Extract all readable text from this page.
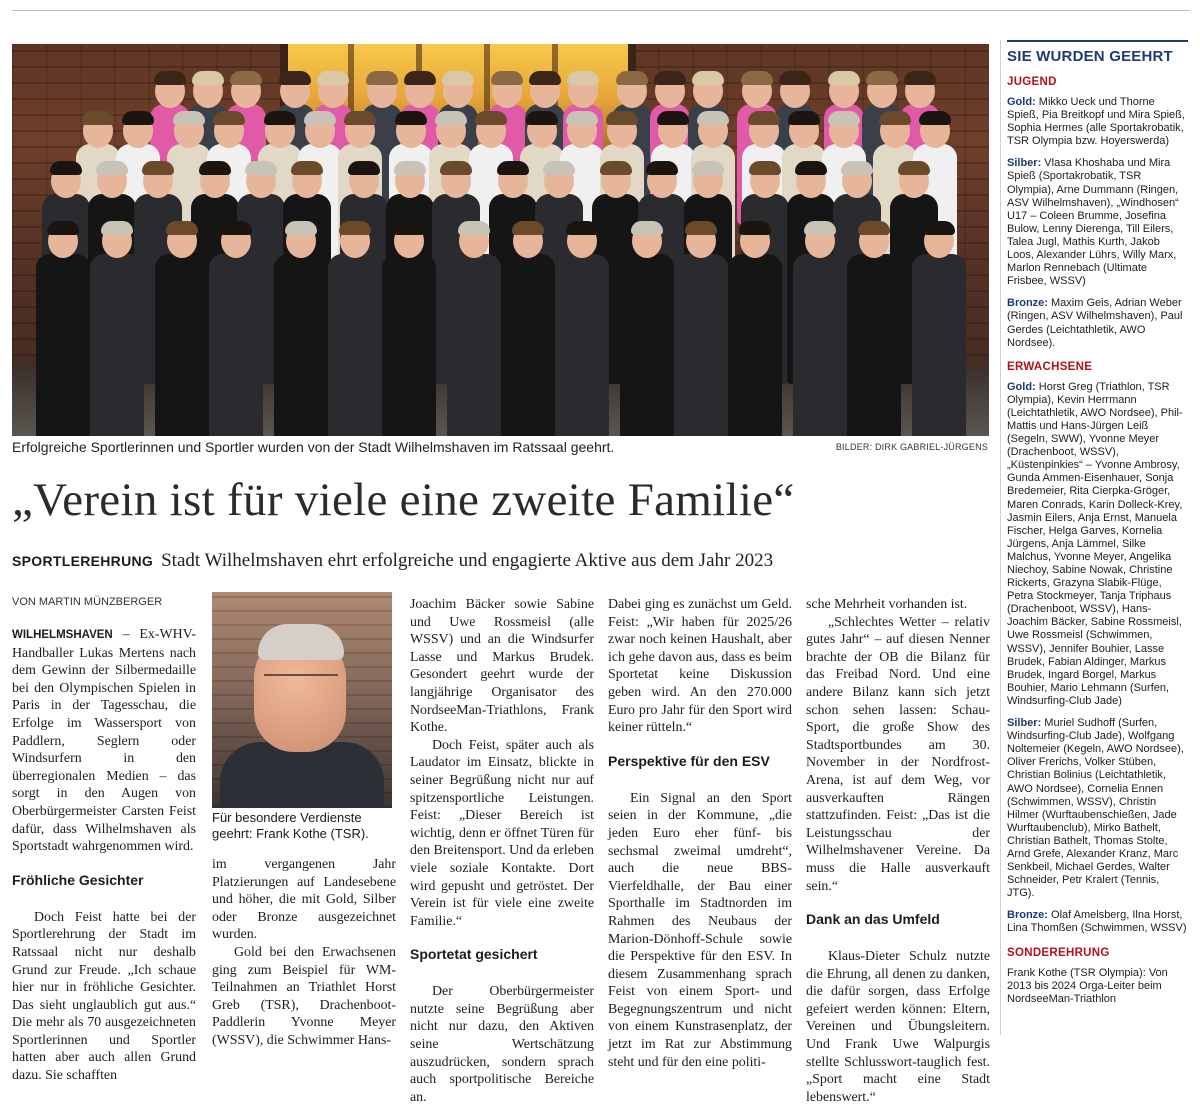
Erfolgreiche Sportlerinnen und Sportler wurden von der Stadt Wilhelmshaven im Ratssaal geehrt.	BILDER: DIRK GABRIEL-JÜRGENS
„Verein ist für viele eine zweite Familie“
SPORTLEREHRUNG Stadt Wilhelmshaven ehrt erfolgreiche und engagierte Aktive aus dem Jahr 2023
VON MARTIN MÜNZBERGER

WILHELMSHAVEN – Ex-WHV-Handballer Lukas Mertens nach dem Gewinn der Silbermedaille bei den Olympischen Spielen in Paris in der Tagesschau, die Erfolge im Wassersport von Paddlern, Seglern oder Windsurfern in den überregionalen Medien – das sorgt in den Augen von Oberbürgermeister Carsten Feist dafür, dass Wilhelmshaven als Sportstadt wahrgenommen wird.

Fröhliche Gesichter

Doch Feist hatte bei der Sportlerehrung der Stadt im Ratssaal nicht nur deshalb Grund zur Freude. „Ich schaue hier nur in fröhliche Gesichter. Das sieht unglaublich gut aus.“ Die mehr als 70 ausgezeichneten Sportlerinnen und Sportler hatten aber auch allen Grund dazu. Sie schafften

Für besondere Verdienste geehrt: Frank Kothe (TSR).

im vergangenen Jahr Platzierungen auf Landesebene und höher, die mit Gold, Silber oder Bronze ausgezeichnet wurden.

Gold bei den Erwachsenen ging zum Beispiel für WM-Teilnahmen an Triathlet Horst Greb (TSR), Drachenboot-Paddlerin Yvonne Meyer (WSSV), die Schwimmer Hans-

Joachim Bäcker sowie Sabine und Uwe Rossmeisl (alle WSSV) und an die Windsurfer Lasse und Markus Brudek. Gesondert geehrt wurde der langjährige Organisator des NordseeMan-Triathlons, Frank Kothe.

Doch Feist, später auch als Laudator im Einsatz, blickte in seiner Begrüßung nicht nur auf spitzensportliche Leistungen. Feist: „Dieser Bereich ist wichtig, denn er öffnet Türen für den Breitensport. Und da erleben viele soziale Kontakte. Dort wird gepusht und getröstet. Der Verein ist für viele eine zweite Familie.“

Sportetat gesichert

Der Oberbürgermeister nutzte seine Begrüßung aber nicht nur dazu, den Aktiven seine Wertschätzung auszudrücken, sondern sprach auch sportpolitische Bereiche an.

Dabei ging es zunächst um Geld. Feist: „Wir haben für 2025/26 zwar noch keinen Haushalt, aber ich gehe davon aus, dass es beim Sportetat keine Diskussion geben wird. An den 270.000 Euro pro Jahr für den Sport wird keiner rütteln.“

Perspektive für den ESV

Ein Signal an den Sport seien in der Kommune, „die jeden Euro eher fünf- bis sechsmal zweimal umdreht“, auch die neue BBS-Vierfeldhalle, der Bau einer Sporthalle im Stadtnorden im Rahmen des Neubaus der Marion-Dönhoff-Schule sowie die Perspektive für den ESV. In diesem Zusammenhang sprach Feist von einem Sport- und Begegnungszentrum und nicht von einem Kunstrasenplatz, der jetzt im Rat zur Abstimmung steht und für den eine politi-

sche Mehrheit vorhanden ist.

„Schlechtes Wetter – relativ gutes Jahr“ – auf diesen Nenner brachte der OB die Bilanz für das Freibad Nord. Und eine andere Bilanz kann sich jetzt schon sehen lassen: Schau-Sport, die große Show des Stadtsportbundes am 30. November in der Nordfrost-Arena, ist auf dem Weg, vor ausverkauften Rängen stattzufinden. Feist: „Das ist die Leistungsschau der Wilhelmshavener Vereine. Da muss die Halle ausverkauft sein.“

Dank an das Umfeld

Klaus-Dieter Schulz nutzte die Ehrung, all denen zu danken, die dafür sorgen, dass Erfolge gefeiert werden können: Eltern, Vereinen und Übungsleitern. Und Frank Uwe Walpurgis stellte Schlusswort-tauglich fest. „Sport macht eine Stadt lebenswert.“

SIE WURDEN GEEHRT
JUGEND

Gold: Mikko Ueck und Thorne Spieß, Pia Breitkopf und Mira Spieß, Sophia Hermes (alle Sportakrobatik, TSR Olympia bzw. Hoyerswerda)

Silber: Vlasa Khoshaba und Mira Spieß (Sportakrobatik, TSR Olympia), Arne Dummann (Ringen, ASV Wilhelmshaven), „Windhosen“ U17 – Coleen Brumme, Josefina Bulow, Lenny Dierenga, Till Eilers, Talea Jugl, Mathis Kurth, Jakob Loos, Alexander Lührs, Willy Marx, Marlon Rennebach (Ultimate Frisbee, WSSV)

Bronze: Maxim Geis, Adrian Weber (Ringen, ASV Wilhelmshaven), Paul Gerdes (Leichtathletik, AWO Nordsee).

ERWACHSENE

Gold: Horst Greg (Triathlon, TSR Olympia), Kevin Herrmann (Leichtathletik, AWO Nordsee), Phil-Mattis und Hans-Jürgen Leiß (Segeln, SWW), Yvonne Meyer (Drachenboot, WSSV), „Küstenpinkies“ – Yvonne Ambrosy, Gunda Ammen-Eisenhauer, Sonja Bredemeier, Rita Cierpka-Gröger, Maren Conrads, Karin Dolleck-Krey, Jasmin Eilers, Anja Ernst, Manuela Fischer, Helga Garves, Kornelia Jürgens, Anja Lämmel, Silke Malchus, Yvonne Meyer, Angelika Niechoy, Sabine Nowak, Christine Rickerts, Grazyna Slabik-Flüge, Petra Stockmeyer, Tanja Triphaus (Drachenboot, WSSV), Hans-Joachim Bäcker, Sabine Rossmeisl, Uwe Rossmeisl (Schwimmen, WSSV), Jennifer Bouhier, Lasse Brudek, Fabian Aldinger, Markus Brudek, Ingard Borgel, Markus Bouhier, Mario Lehmann (Surfen, Windsurfing-Club Jade)

Silber: Muriel Sudhoff (Surfen, Windsurfing-Club Jade), Wolfgang Noltemeier (Kegeln, AWO Nordsee), Oliver Frerichs, Volker Stüben, Christian Bolinius (Leichtathletik, AWO Nordsee), Cornelia Ennen (Schwimmen, WSSV), Christin Hilmer (Wurftaubenschießen, Jade Wurftaubenclub), Mirko Bathelt, Christian Bathelt, Thomas Stolte, Arnd Grefe, Alexander Kranz, Marc Senkbeil, Michael Gerdes, Walter Schneider, Petr Kralert (Tennis, JTG).

Bronze: Olaf Amelsberg, Ilna Horst, Lina Thomßen (Schwimmen, WSSV)

SONDEREHRUNG

Frank Kothe (TSR Olympia): Von 2013 bis 2024 Orga-Leiter beim NordseeMan-Triathlon
